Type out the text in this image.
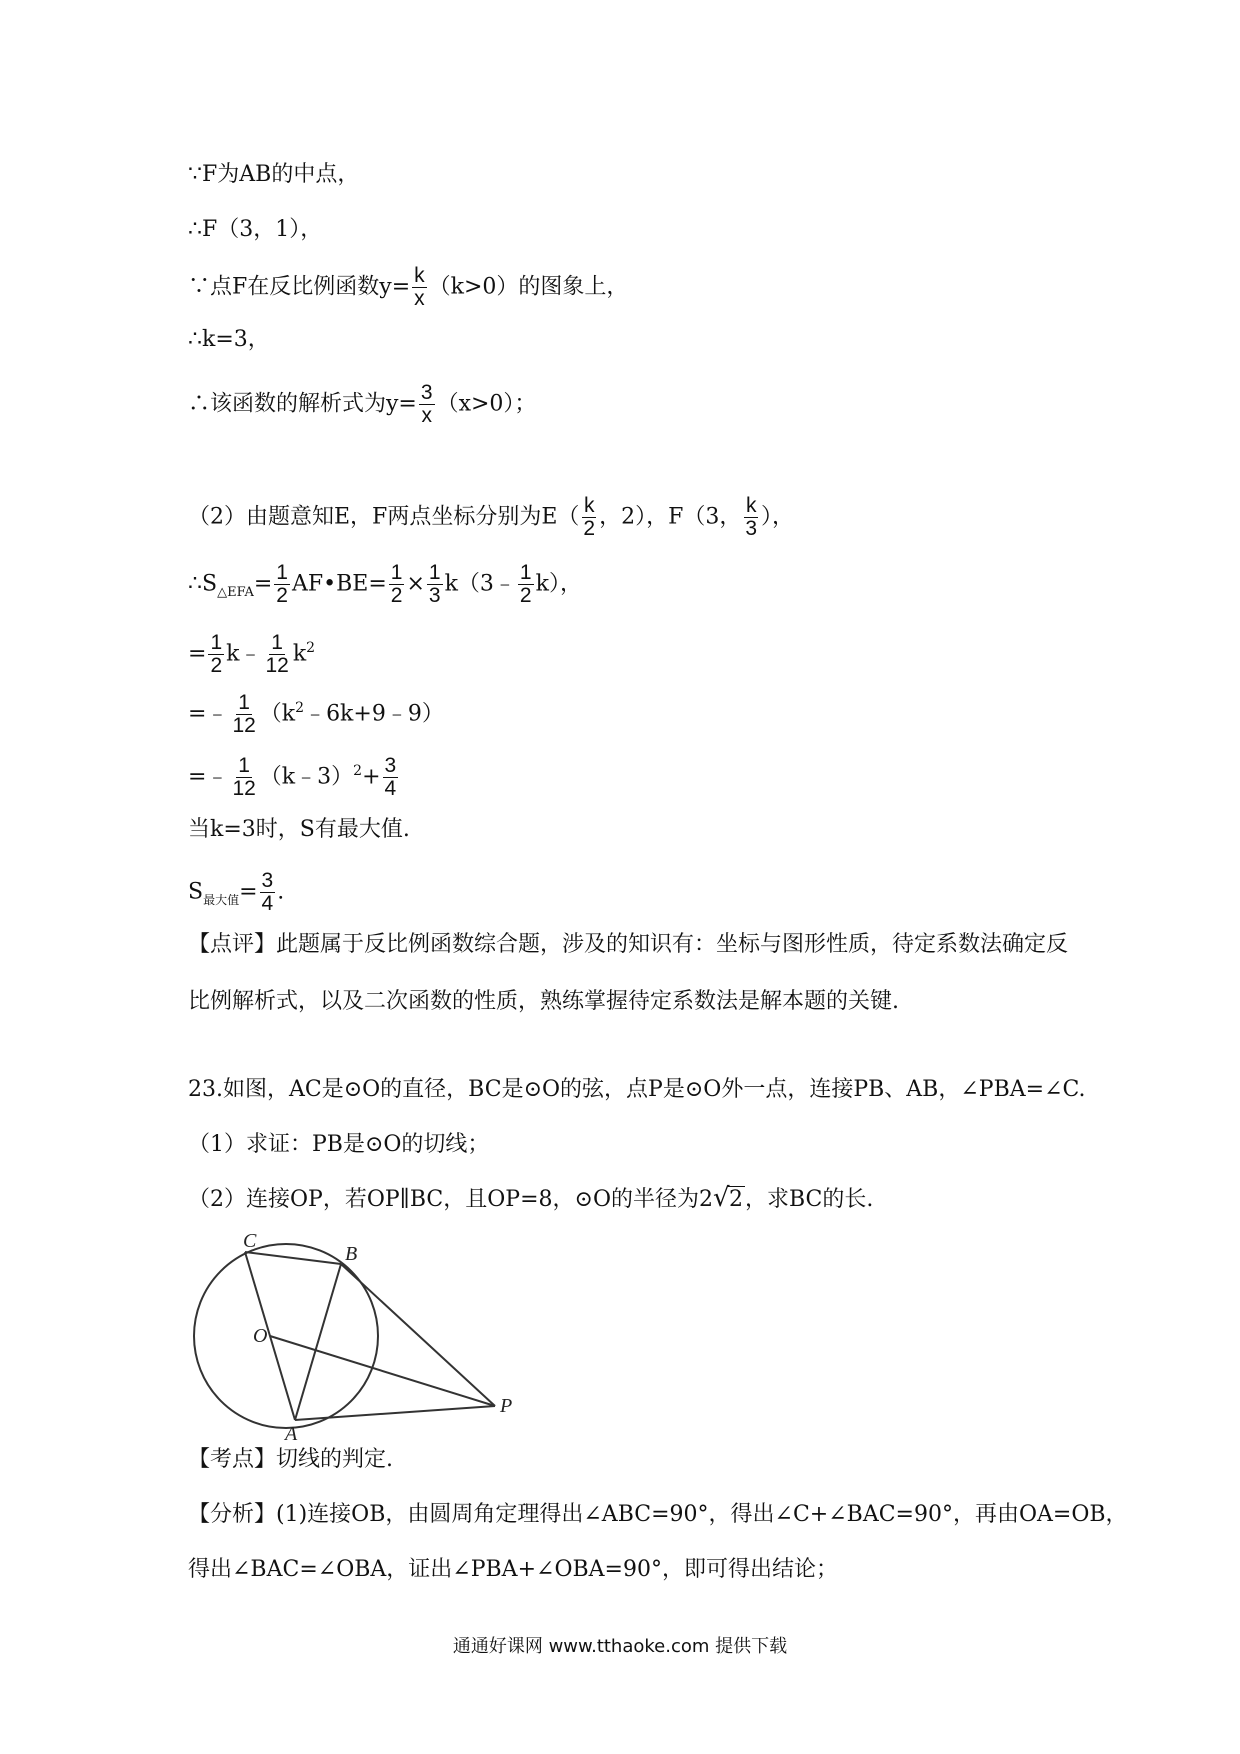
∵F为AB的中点，
∴F（3，1），
∵点F在反比例函数$y= \frac{k}{x} (k>0)$的图象上，
∴k=3，
∴该函数的解析式为$y= \frac{3}{x} (x>0)$；
（2）由题意知E，F两点坐标分别为$E( \frac{k}{2}$ ，2），F（3， $\frac{k}{3}$ ），
$\therefore S_{\triangle EFA}= \frac{1}{2}$ AF•BE= $\frac{1}{2} \times \frac{1}{3}$ k（3﹣ $\frac{1}{2} k$），
= $\frac{1}{2}$ k﹣ $\frac{1}{12} k^2$
=﹣ $\frac{1}{12}$ $(k^2﹣6k+9﹣9)$
=﹣ $\frac{1}{12}$ （k﹣3）$^2$+ $\frac{3}{4}$
当k=3时，S有最大值.
$S_{最大值}= \frac{3}{4}$ .
【点评】此题属于反比例函数综合题，涉及的知识有：坐标与图形性质，待定系数法确定反
比例解析式，以及二次函数的性质，熟练掌握待定系数法是解本题的关键.
23.如图，AC是⊙O的直径，BC是⊙O的弦，点P是⊙O外一点，连接PB、AB，∠PBA=∠C.
（1）求证：PB是⊙O的切线；
（2）连接OP，若OP∥BC，且OP=8，⊙O的半径为2 √ 2，求BC的长.
C
B
O
A
P
【考点】切线的判定.
【分析】(1)连接OB，由圆周角定理得出∠ABC=90°，得出∠C+∠BAC=90°，再由OA=OB，
得出∠BAC=∠OBA，证出∠PBA+∠OBA=90°，即可得出结论；
通通好课网 www.tthaoke.com 提供下载
